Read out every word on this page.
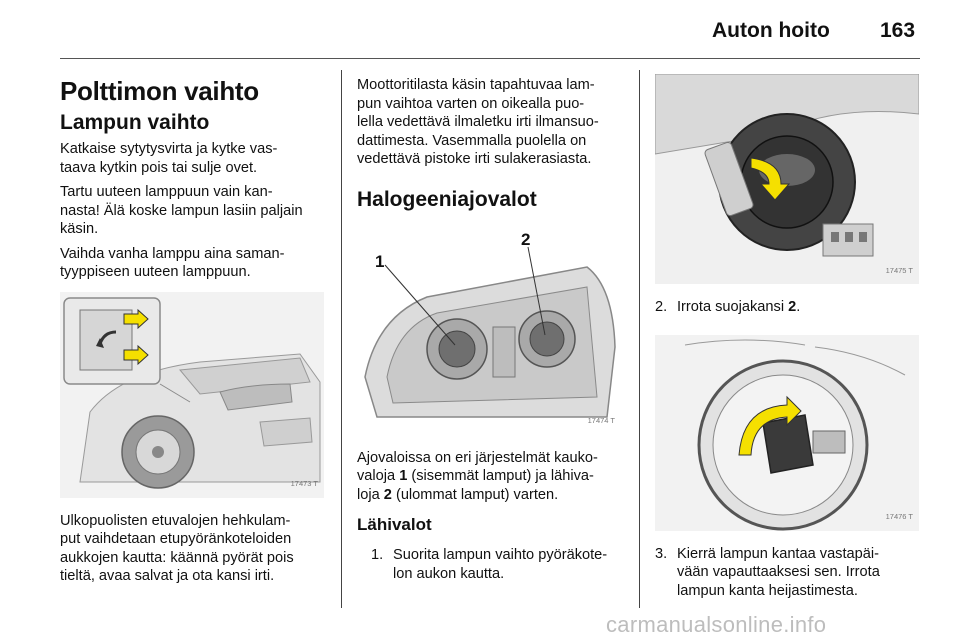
Auton hoito 163
Polttimon vaihto
Lampun vaihto

Katkaise sytytysvirta ja kytke vas-
taava kytkin pois tai sulje ovet.

Tartu uuteen lamppuun vain kan-
nasta! Älä koske lampun lasiin paljain
käsin.

Vaihda vanha lamppu aina saman-
tyyppiseen uuteen lamppuun.

17473 T

Ulkopuolisten etuvalojen hehkulam-
put vaihdetaan etupyöränkoteloiden
aukkojen kautta: käännä pyörät pois
tieltä, avaa salvat ja ota kansi irti.

Moottoritilasta käsin tapahtuvaa lam-
pun vaihtoa varten on oikealla puo-
lella vedettävä ilmaletku irti ilmansuo-
dattimesta. Vasemmalla puolella on
vedettävä pistoke irti sulakerasiasta.

Halogeeniajovalot
1
2
17474 T

Ajovaloissa on eri järjestelmät kauko-
valoja 1 (sisemmät lamput) ja lähiva-
loja 2 (ulommat lamput) varten.

Lähivalot
1. Suorita lampun vaihto pyöräkote-
lon aukon kautta.
17475 T
2. Irrota suojakansi 2.
17476 T
3. Kierrä lampun kantaa vastapäi-
vään vapauttaaksesi sen. Irrota
lampun kanta heijastimesta.
carmanualsonline.info
